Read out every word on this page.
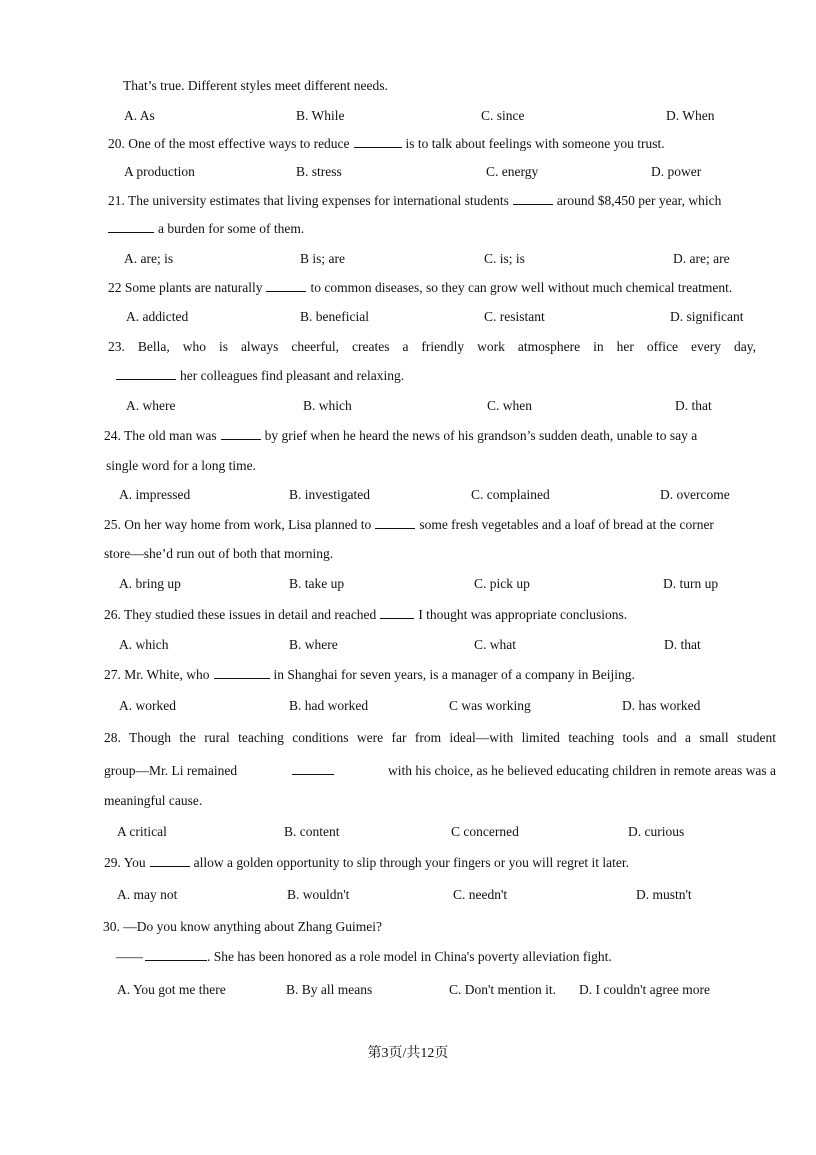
That’s true. Different styles meet different needs.
A. As	B. While	C. since	D. When
20. One of the most effective ways to reduce	is to talk about feelings with someone you trust.
A production	B. stress	C. energy	D. power
21. The university estimates that living expenses for international students	around $8,450 per year, which
a burden for some of them.
A. are; is	B is; are	C. is; is	D. are; are
22 Some plants are naturally	to common diseases, so they can grow well without much chemical treatment.
A. addicted	B. beneficial	C. resistant	D. significant
23. Bella, who is always cheerful, creates a friendly work atmosphere in her office every day,
her colleagues find pleasant and relaxing.
A. where	B. which	C. when	D. that
24. The old man was	by grief when he heard the news of his grandson’s sudden death, unable to say a
single word for a long time.
A. impressed	B. investigated	C. complained	D. overcome
25. On her way home from work, Lisa planned to	some fresh vegetables and a loaf of bread at the corner
store—she’d run out of both that morning.
A. bring up	B. take up	C. pick up	D. turn up
26. They studied these issues in detail and reached	I thought was appropriate conclusions.
A. which	B. where	C. what	D. that
27. Mr. White, who	in Shanghai for seven years, is a manager of a company in Beijing.
A. worked	B. had worked	C was working	D. has worked
28. Though the rural teaching conditions were far from ideal—with limited teaching tools and a small student
group—Mr. Li remained	with his choice, as he believed educating children in remote areas was a
meaningful cause.
A critical	B. content	C concerned	D. curious
29. You	allow a golden opportunity to slip through your fingers or you will regret it later.
A. may not	B. wouldn't	C. needn't	D. mustn't
30. —Do you know anything about Zhang Guimei?
——	. She has been honored as a role model in China's poverty alleviation fight.
A. You got me there	B. By all means	C. Don't mention it. D. I couldn't agree more
第3页/共12页
